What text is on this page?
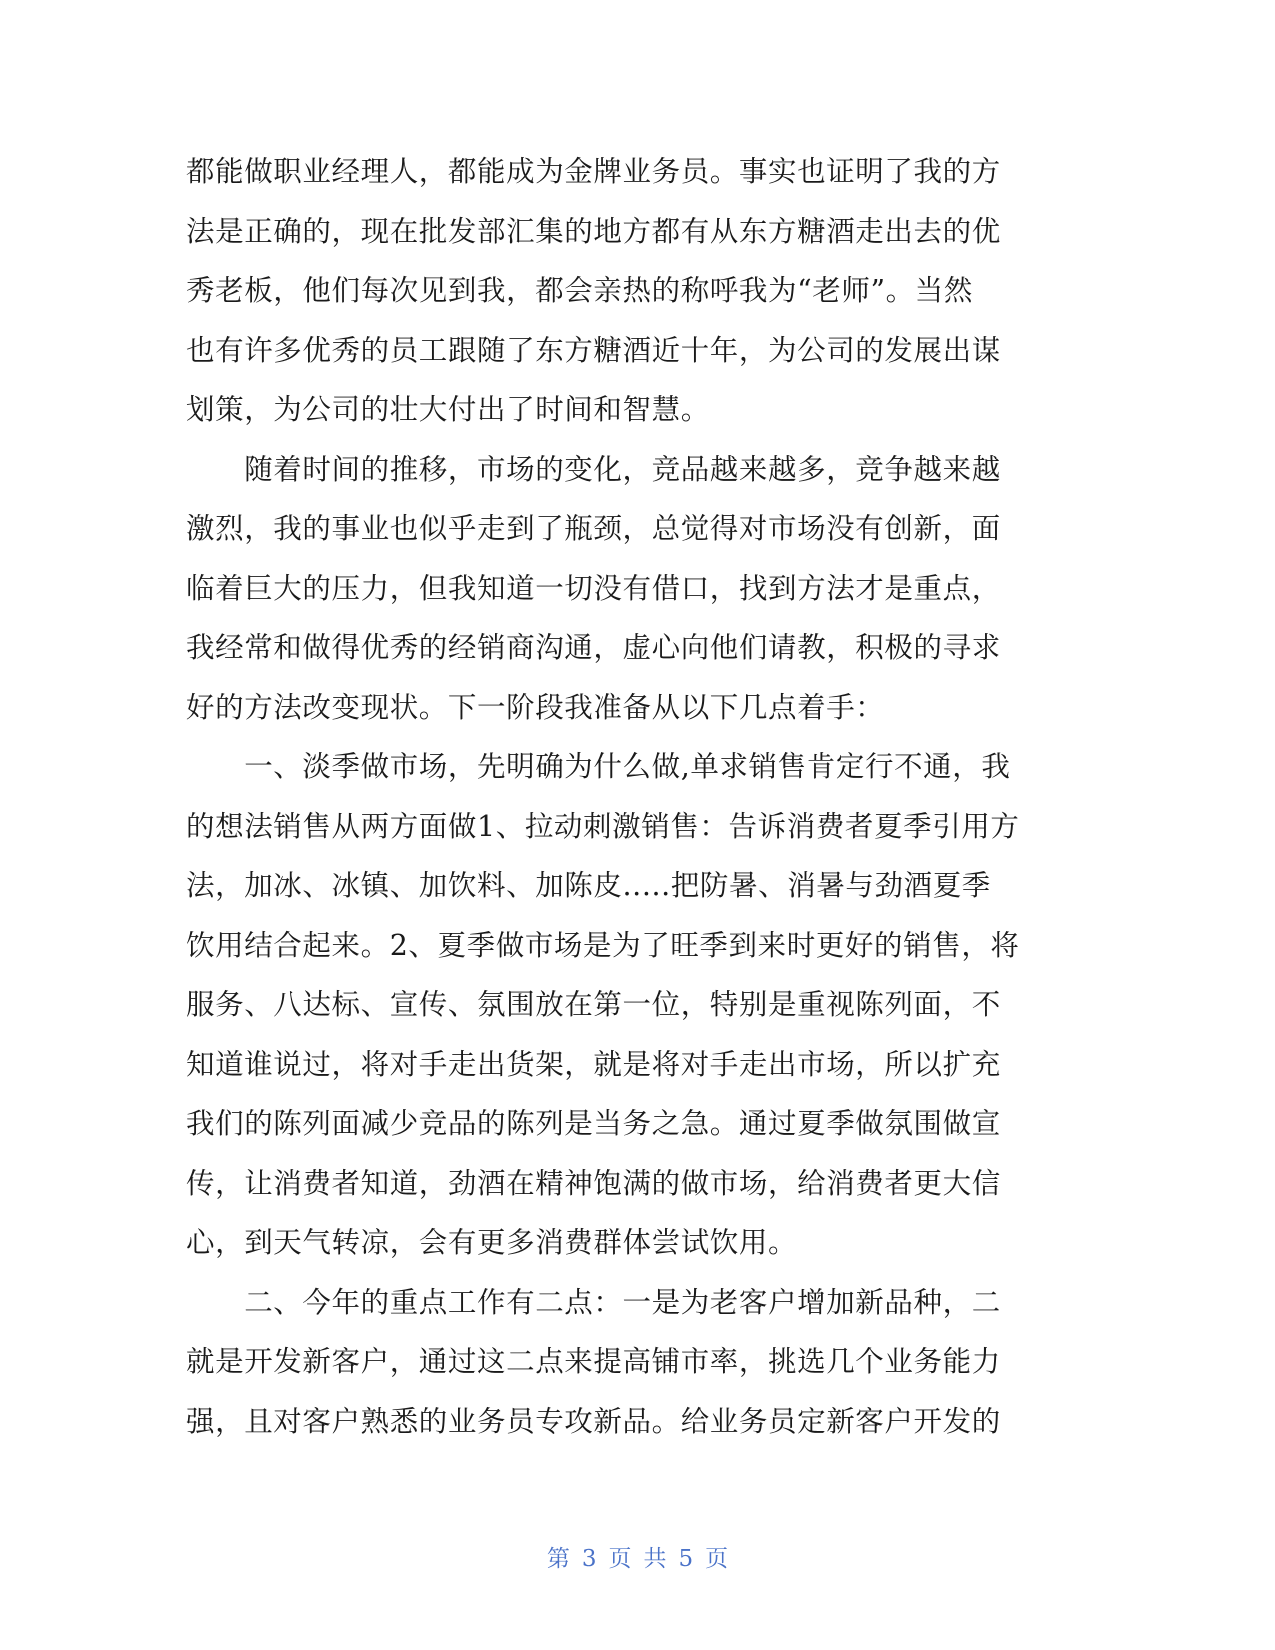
都能做职业经理人，都能成为金牌业务员。事实也证明了我的方
法是正确的，现在批发部汇集的地方都有从东方糖酒走出去的优
秀老板，他们每次见到我，都会亲热的称呼我为“老师”。当然
也有许多优秀的员工跟随了东方糖酒近十年，为公司的发展出谋
划策，为公司的壮大付出了时间和智慧。
　　随着时间的推移，市场的变化，竞品越来越多，竞争越来越
激烈，我的事业也似乎走到了瓶颈，总觉得对市场没有创新，面
临着巨大的压力，但我知道一切没有借口，找到方法才是重点，
我经常和做得优秀的经销商沟通，虚心向他们请教，积极的寻求
好的方法改变现状。下一阶段我准备从以下几点着手：
　　一、淡季做市场，先明确为什么做,单求销售肯定行不通，我
的想法销售从两方面做1、拉动刺激销售：告诉消费者夏季引用方
法，加冰、冰镇、加饮料、加陈皮.....把防暑、消暑与劲酒夏季
饮用结合起来。2、夏季做市场是为了旺季到来时更好的销售，将
服务、八达标、宣传、氛围放在第一位，特别是重视陈列面，不
知道谁说过，将对手走出货架，就是将对手走出市场，所以扩充
我们的陈列面减少竞品的陈列是当务之急。通过夏季做氛围做宣
传，让消费者知道，劲酒在精神饱满的做市场，给消费者更大信
心，到天气转凉，会有更多消费群体尝试饮用。
　　二、今年的重点工作有二点：一是为老客户增加新品种，二
就是开发新客户，通过这二点来提高铺市率，挑选几个业务能力
强，且对客户熟悉的业务员专攻新品。给业务员定新客户开发的
第 3 页 共 5 页
